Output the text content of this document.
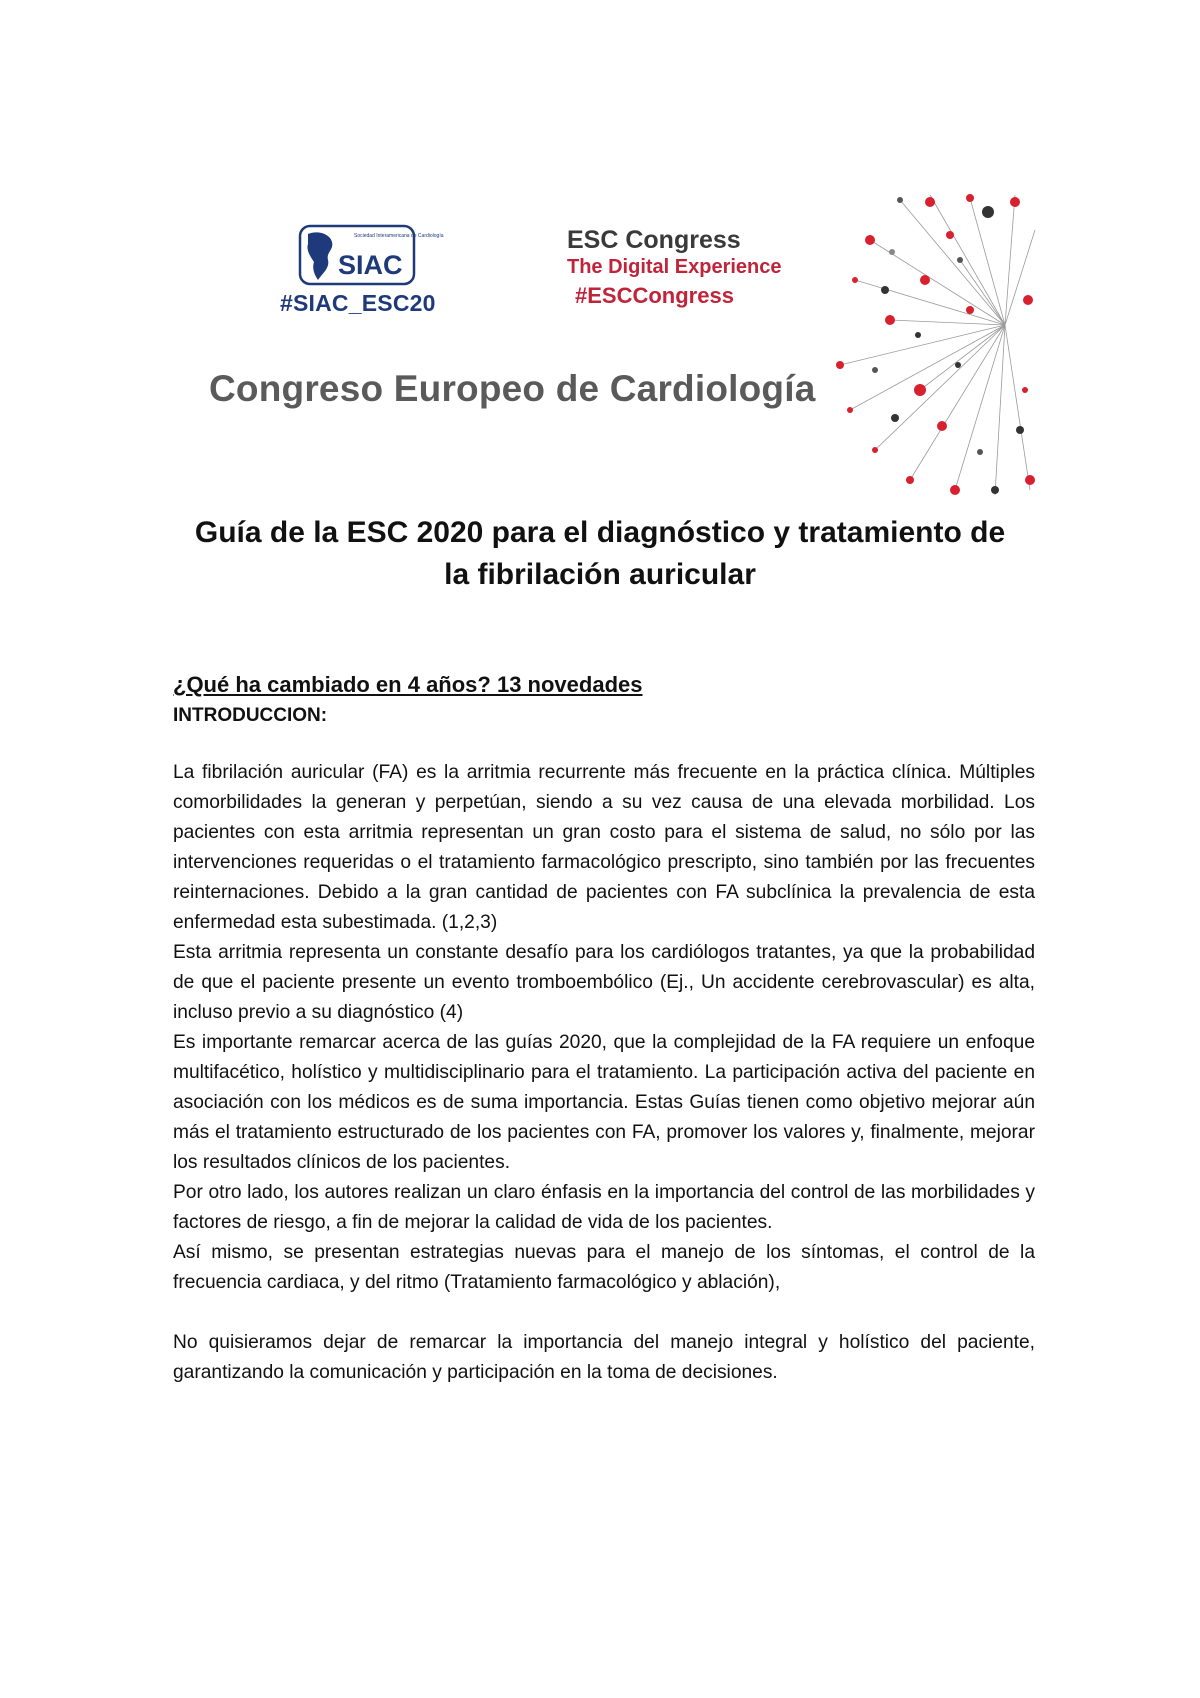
Sociedad Interamericana de Cardiología
SIAC
#SIAC_ESC20
ESC Congress
The Digital Experience
#ESCCongress
Congreso Europeo de Cardiología
Guía de la ESC 2020 para el diagnóstico y tratamiento de
la fibrilación auricular
¿Qué ha cambiado en 4 años? 13 novedades
INTRODUCCION:

La fibrilación auricular (FA) es la arritmia recurrente más frecuente en la práctica clínica. Múltiples comorbilidades la generan y perpetúan, siendo a su vez causa de una elevada morbilidad. Los pacientes con esta arritmia representan un gran costo para el sistema de salud, no sólo por las intervenciones requeridas o el tratamiento farmacológico prescripto, sino también por las frecuentes reinternaciones. Debido a la gran cantidad de pacientes con FA subclínica la prevalencia de esta enfermedad esta subestimada. (1,2,3)

Esta arritmia representa un constante desafío para los cardiólogos tratantes, ya que la probabilidad de que el paciente presente un evento tromboembólico (Ej., Un accidente cerebrovascular) es alta, incluso previo a su diagnóstico (4)

Es importante remarcar acerca de las guías 2020, que la complejidad de la FA requiere un enfoque multifacético, holístico y multidisciplinario para el tratamiento. La participación activa del paciente en asociación con los médicos es de suma importancia. Estas Guías tienen como objetivo mejorar aún más el tratamiento estructurado de los pacientes con FA, promover los valores y, finalmente, mejorar los resultados clínicos de los pacientes.

Por otro lado, los autores realizan un claro énfasis en la importancia del control de las morbilidades y factores de riesgo, a fin de mejorar la calidad de vida de los pacientes.

Así mismo, se presentan estrategias nuevas para el manejo de los síntomas, el control de la frecuencia cardiaca, y del ritmo (Tratamiento farmacológico y ablación),

No quisieramos dejar de remarcar la importancia del manejo integral y holístico del paciente, garantizando la comunicación y participación en la toma de decisiones.
